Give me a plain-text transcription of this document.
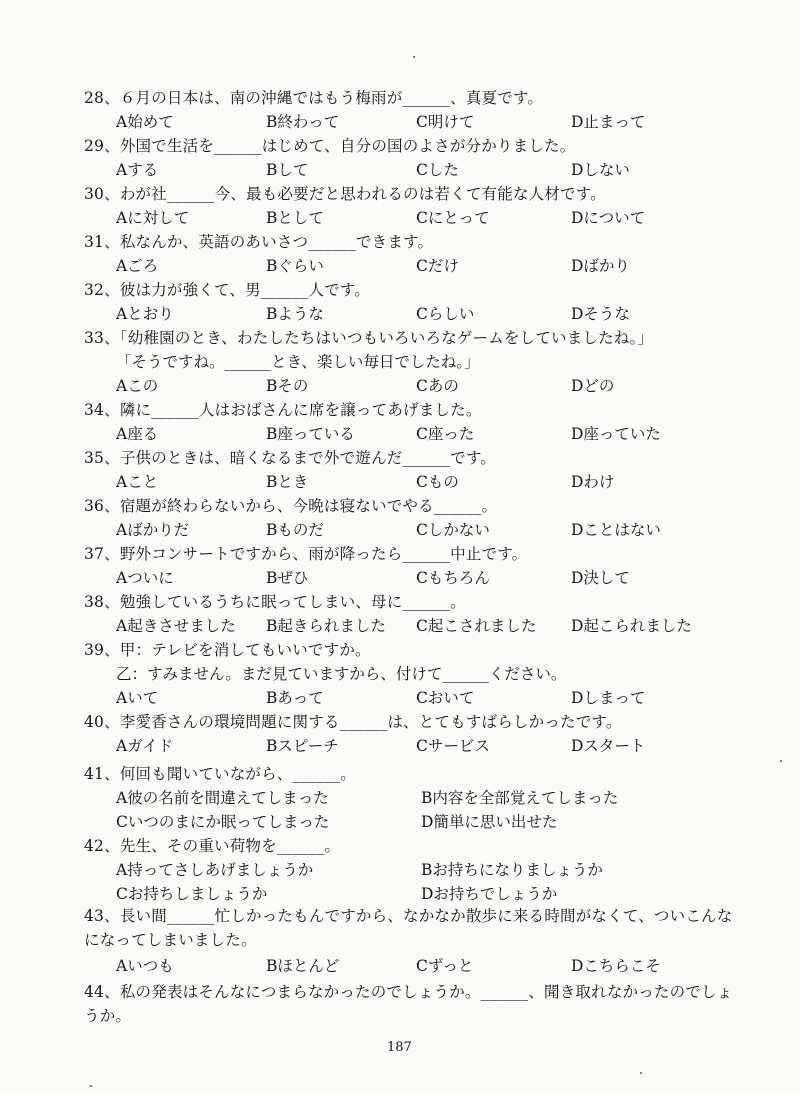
28、６月の日本は、南の沖縄ではもう梅雨が______、真夏です。
A始めて	B終わって	C明けて	D止まって
29、外国で生活を______はじめて、自分の国のよさが分かりました。
Aする	Bして	Cした	Dしない
30、わが社______今、最も必要だと思われるのは若くて有能な人材です。
Aに対して	Bとして	Cにとって	Dについて
31、私なんか、英語のあいさつ______できます。
Aごろ	Bぐらい	Cだけ	Dばかり
32、彼は力が強くて、男______人です。
Aとおり	Bような	Cらしい	Dそうな
33、「幼稚園のとき、わたしたちはいつもいろいろなゲームをしていましたね。」
「そうですね。______とき、楽しい毎日でしたね。」
Aこの	Bその	Cあの	Dどの
34、隣に______人はおばさんに席を譲ってあげました。
A座る	B座っている	C座った	D座っていた
35、子供のときは、暗くなるまで外で遊んだ______です。
Aこと	Bとき	Cもの	Dわけ
36、宿題が終わらないから、今晩は寝ないでやる______。
Aばかりだ	Bものだ	Cしかない	Dことはない
37、野外コンサートですから、雨が降ったら______中止です。
Aついに	Bぜひ	Cもちろん	D決して
38、勉強しているうちに眠ってしまい、母に______。
A起きさせました B起きられました C起こされました D起こられました
39、甲：テレビを消してもいいですか。
乙：すみません。まだ見ていますから、付けて______ください。
Aいて	Bあって	Cおいて	Dしまって
40、李愛香さんの環境問題に関する______は、とてもすばらしかったです。
Aガイド	Bスピーチ	Cサービス	Dスタート
41、何回も聞いていながら、______。
A彼の名前を間違えてしまった	B内容を全部覚えてしまった
Cいつのまにか眠ってしまった	D簡単に思い出せた
42、先生、その重い荷物を______。
A持ってさしあげましょうか	Bお持ちになりましょうか
Cお持ちしましょうか	Dお持ちでしょうか
43、長い間______忙しかったもんですから、なかなか散歩に来る時間がなくて、ついこんなになってしまいました。
Aいつも	Bほとんど	Cずっと	Dこちらこそ
44、私の発表はそんなにつまらなかったのでしょうか。______、聞き取れなかったのでしょうか。
187
